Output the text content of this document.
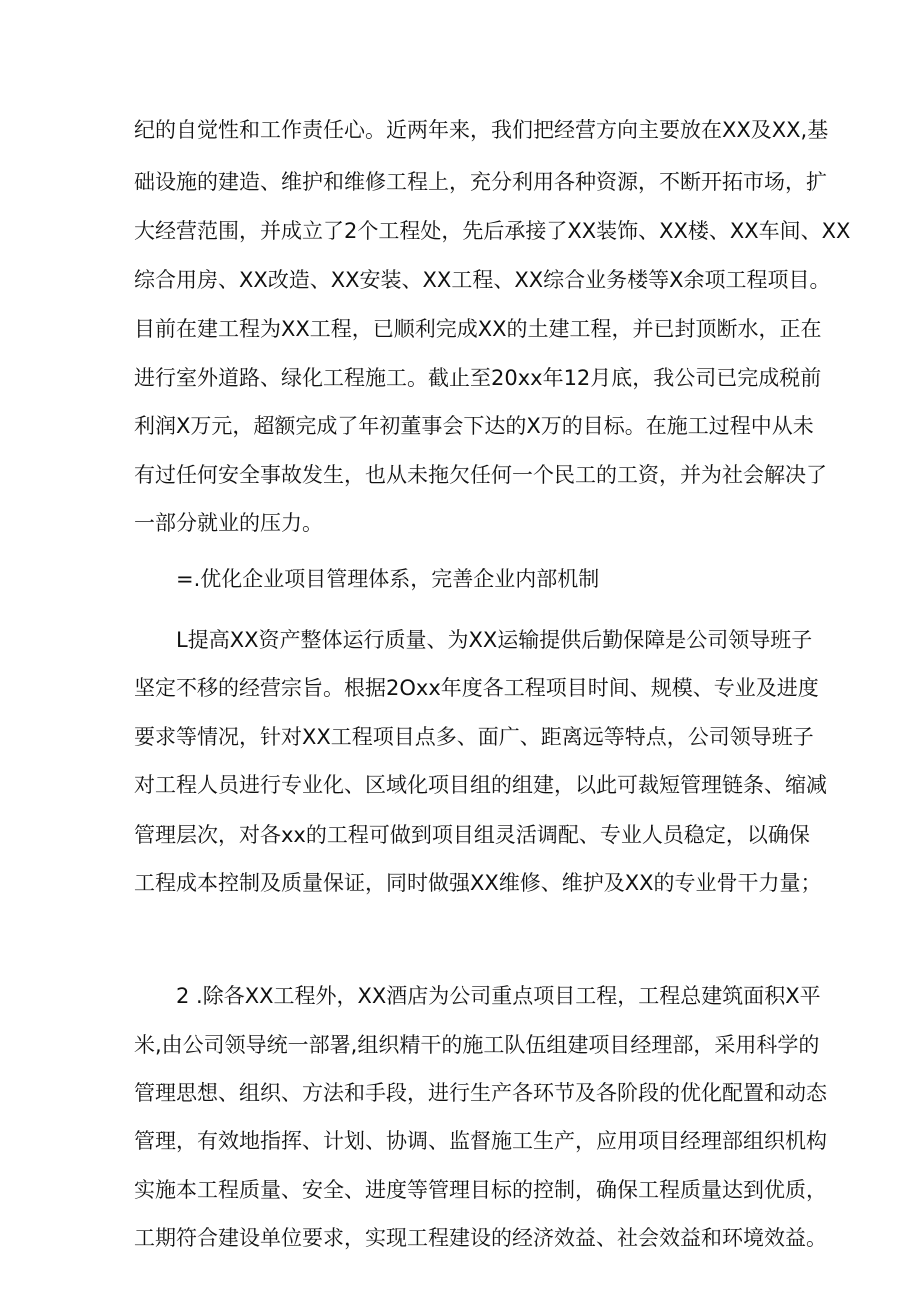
纪的自觉性和工作责任心。近两年来，我们把经营方向主要放在XX及XX,基
础设施的建造、维护和维修工程上，充分利用各种资源，不断开拓市场，扩
大经营范围，并成立了2个工程处，先后承接了XX装饰、XX楼、XX车间、XX
综合用房、XX改造、XX安装、XX工程、XX综合业务楼等X余项工程项目。
目前在建工程为XX工程，已顺利完成XX的土建工程，并已封顶断水，正在
进行室外道路、绿化工程施工。截止至20xx年12月底，我公司已完成税前
利润X万元，超额完成了年初董事会下达的X万的目标。在施工过程中从未
有过任何安全事故发生，也从未拖欠任何一个民工的工资，并为社会解决了
一部分就业的压力。
=.优化企业项目管理体系，完善企业内部机制
L提高XX资产整体运行质量、为XX运输提供后勤保障是公司领导班子
坚定不移的经营宗旨。根据2Oxx年度各工程项目时间、规模、专业及进度
要求等情况，针对XX工程项目点多、面广、距离远等特点，公司领导班子
对工程人员进行专业化、区域化项目组的组建，以此可裁短管理链条、缩减
管理层次，对各xx的工程可做到项目组灵活调配、专业人员稳定，以确保
工程成本控制及质量保证，同时做强XX维修、维护及XX的专业骨干力量；
2 .除各XX工程外，XX酒店为公司重点项目工程，工程总建筑面积X平
米,由公司领导统一部署,组织精干的施工队伍组建项目经理部，采用科学的
管理思想、组织、方法和手段，进行生产各环节及各阶段的优化配置和动态
管理，有效地指挥、计划、协调、监督施工生产，应用项目经理部组织机构
实施本工程质量、安全、进度等管理目标的控制，确保工程质量达到优质，
工期符合建设单位要求，实现工程建设的经济效益、社会效益和环境效益。
